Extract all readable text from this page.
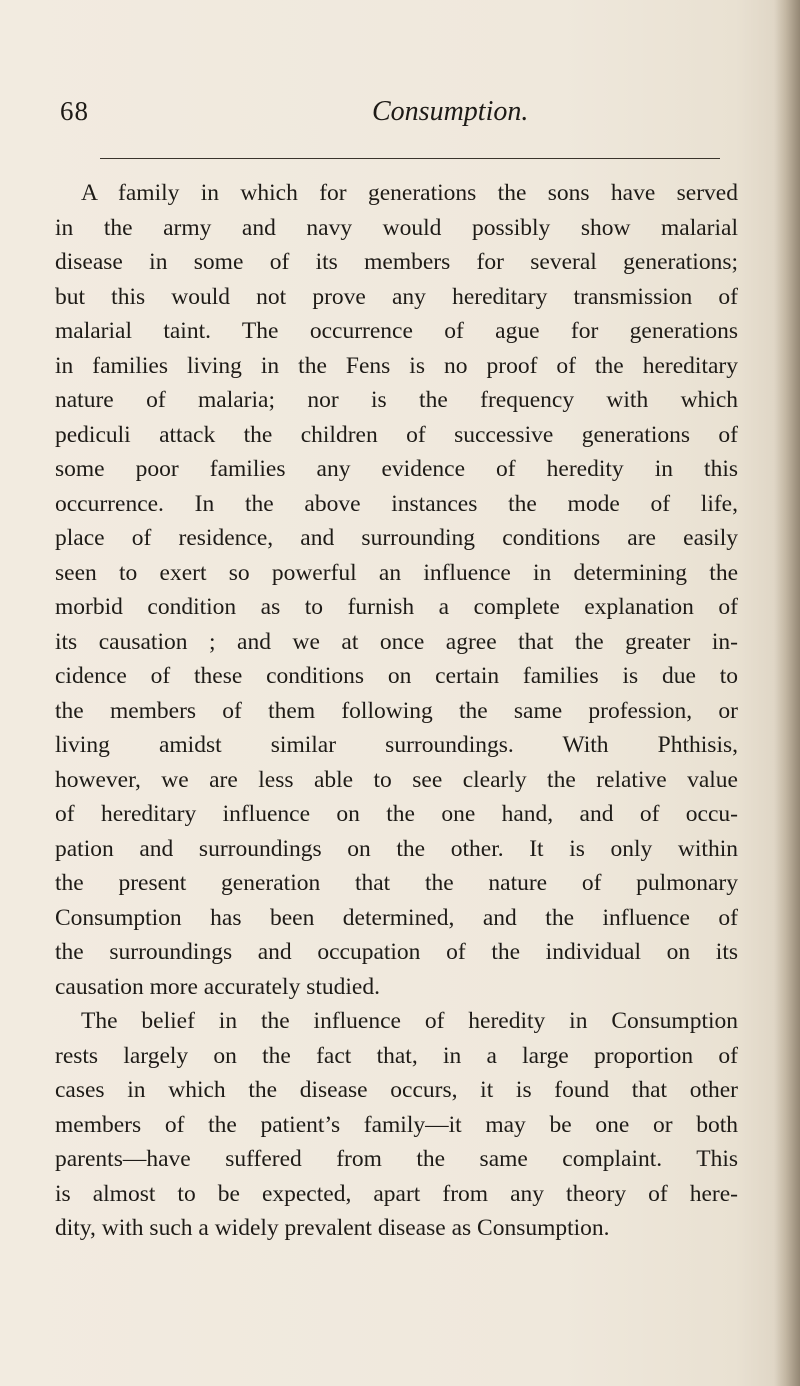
68	Consumption.
A family in which for generations the sons have served
in the army and navy would possibly show malarial
disease in some of its members for several generations;
but this would not prove any hereditary transmission of
malarial taint. The occurrence of ague for generations
in families living in the Fens is no proof of the hereditary
nature of malaria; nor is the frequency with which
pediculi attack the children of successive generations of
some poor families any evidence of heredity in this
occurrence. In the above instances the mode of life,
place of residence, and surrounding conditions are easily
seen to exert so powerful an influence in determining the
morbid condition as to furnish a complete explanation of
its causation ; and we at once agree that the greater in-
cidence of these conditions on certain families is due to
the members of them following the same profession, or
living amidst similar surroundings. With Phthisis,
however, we are less able to see clearly the relative value
of hereditary influence on the one hand, and of occu-
pation and surroundings on the other. It is only within
the present generation that the nature of pulmonary
Consumption has been determined, and the influence of
the surroundings and occupation of the individual on its
causation more accurately studied.
The belief in the influence of heredity in Consumption
rests largely on the fact that, in a large proportion of
cases in which the disease occurs, it is found that other
members of the patient’s family—it may be one or both
parents—have suffered from the same complaint. This
is almost to be expected, apart from any theory of here-
dity, with such a widely prevalent disease as Consumption.
